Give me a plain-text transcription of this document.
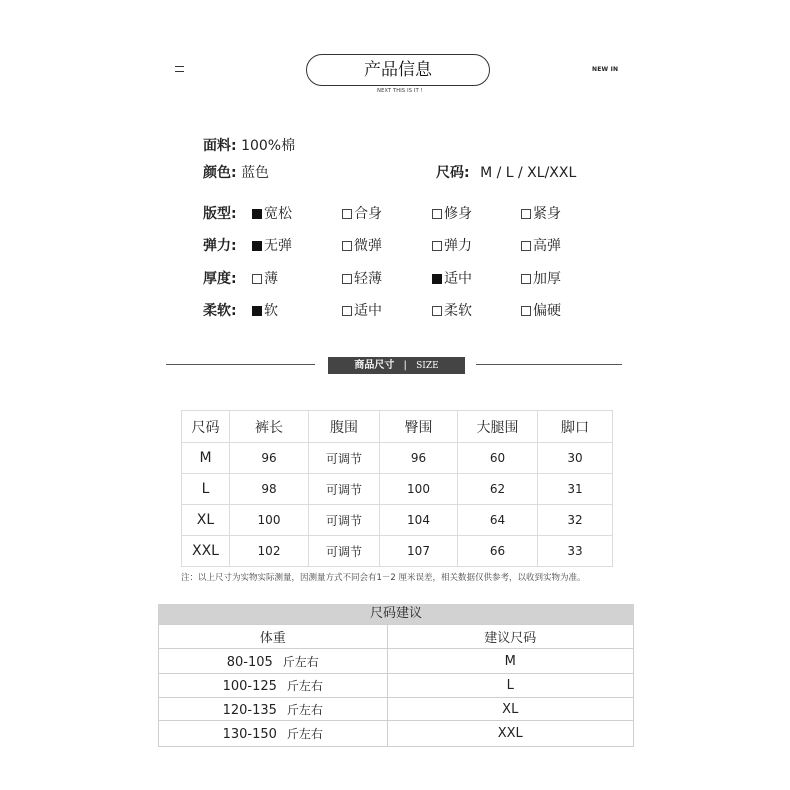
产品信息	NEW IN
NEXT THIS IS IT !
面料: 100%棉
颜色: 蓝色	尺码: M / L / XL/XXL
版型:	宽松	合身	修身	紧身
弹力:	无弹	微弹	弹力	高弹
厚度:	薄	轻薄	适中	加厚
柔软:	软	适中	柔软	偏硬
商品尺寸 | SIZE
尺码	裤长	腹围	臀围	大腿围	脚口
M	96	可调节	96	60	30
L	98	可调节	100	62	31
XL	100	可调节	104	64	32
XXL	102	可调节	107	66	33
注：以上尺寸为实物实际测量，因测量方式不同会有1－2 厘米误差，相关数据仅供参考，以收到实物为准。
尺码建议
体重	建议尺码
80-105 斤左右	M
100-125 斤左右	L
120-135 斤左右	XL
130-150 斤左右	XXL
